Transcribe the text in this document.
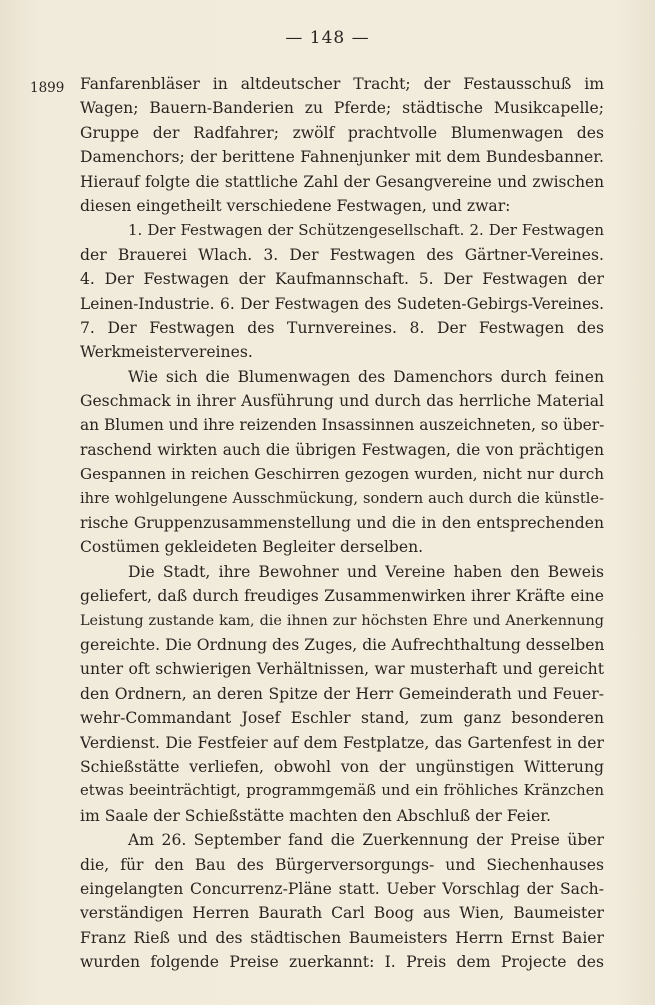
— 148 —
1899 Fanfarenbläser in altdeutscher Tracht; der Festausschuß im
Wagen; Bauern-Banderien zu Pferde; städtische Musikcapelle;
Gruppe der Radfahrer; zwölf prachtvolle Blumenwagen des
Damenchors; der berittene Fahnenjunker mit dem Bundesbanner.
Hierauf folgte die stattliche Zahl der Gesangvereine und zwischen
diesen eingetheilt verschiedene Festwagen, und zwar:
1. Der Festwagen der Schützengesellschaft. 2. Der Festwagen
der Brauerei Wlach. 3. Der Festwagen des Gärtner-Vereines.
4. Der Festwagen der Kaufmannschaft. 5. Der Festwagen der
Leinen-Industrie. 6. Der Festwagen des Sudeten-Gebirgs-Vereines.
7. Der Festwagen des Turnvereines. 8. Der Festwagen des
Werkmeistervereines.
Wie sich die Blumenwagen des Damenchors durch feinen
Geschmack in ihrer Ausführung und durch das herrliche Material
an Blumen und ihre reizenden Insassinnen auszeichneten, so über-
raschend wirkten auch die übrigen Festwagen, die von prächtigen
Gespannen in reichen Geschirren gezogen wurden, nicht nur durch
ihre wohlgelungene Ausschmückung, sondern auch durch die künstle-
rische Gruppenzusammenstellung und die in den entsprechenden
Costümen gekleideten Begleiter derselben.
Die Stadt, ihre Bewohner und Vereine haben den Beweis
geliefert, daß durch freudiges Zusammenwirken ihrer Kräfte eine
Leistung zustande kam, die ihnen zur höchsten Ehre und Anerkennung
gereichte. Die Ordnung des Zuges, die Aufrechthaltung desselben
unter oft schwierigen Verhältnissen, war musterhaft und gereicht
den Ordnern, an deren Spitze der Herr Gemeinderath und Feuer-
wehr-Commandant Josef Eschler stand, zum ganz besonderen
Verdienst. Die Festfeier auf dem Festplatze, das Gartenfest in der
Schießstätte verliefen, obwohl von der ungünstigen Witterung
etwas beeinträchtigt, programmgemäß und ein fröhliches Kränzchen
im Saale der Schießstätte machten den Abschluß der Feier.
Am 26. September fand die Zuerkennung der Preise über
die, für den Bau des Bürgerversorgungs- und Siechenhauses
eingelangten Concurrenz-Pläne statt. Ueber Vorschlag der Sach-
verständigen Herren Baurath Carl Boog aus Wien, Baumeister
Franz Rieß und des städtischen Baumeisters Herrn Ernst Baier
wurden folgende Preise zuerkannt: I. Preis dem Projecte des
